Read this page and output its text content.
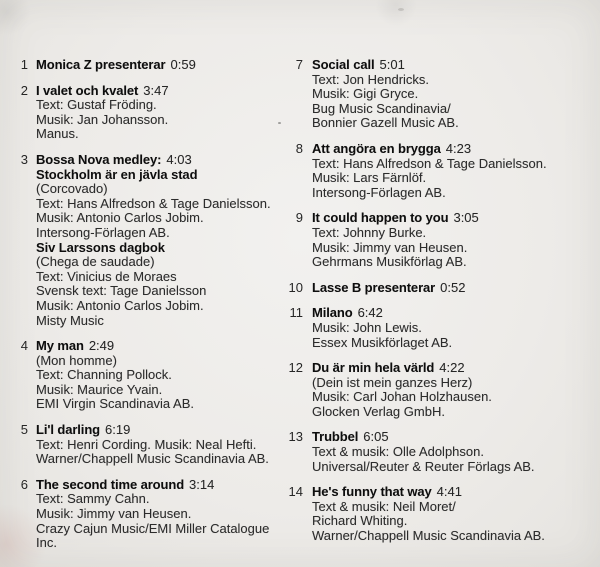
1 Monica Z presenterar 0:59
2 I valet och kvalet 3:47
Text: Gustaf Fröding.
Musik: Jan Johansson.
Manus.
3 Bossa Nova medley: 4:03
Stockholm är en jävla stad
(Corcovado)
Text: Hans Alfredson & Tage Danielsson.
Musik: Antonio Carlos Jobim.
Intersong-Förlagen AB.
Siv Larssons dagbok
(Chega de saudade)
Text: Vinicius de Moraes
Svensk text: Tage Danielsson
Musik: Antonio Carlos Jobim.
Misty Music
4 My man 2:49
(Mon homme)
Text: Channing Pollock.
Musik: Maurice Yvain.
EMI Virgin Scandinavia AB.
5 Li'l darling 6:19
Text: Henri Cording. Musik: Neal Hefti.
Warner/Chappell Music Scandinavia AB.
6 The second time around 3:14
Text: Sammy Cahn.
Musik: Jimmy van Heusen.
Crazy Cajun Music/EMI Miller Catalogue Inc.
7 Social call 5:01
Text: Jon Hendricks.
Musik: Gigi Gryce.
Bug Music Scandinavia/
Bonnier Gazell Music AB.
8 Att angöra en brygga 4:23
Text: Hans Alfredson & Tage Danielsson.
Musik: Lars Färnlöf.
Intersong-Förlagen AB.
9 It could happen to you 3:05
Text: Johnny Burke.
Musik: Jimmy van Heusen.
Gehrmans Musikförlag AB.
10 Lasse B presenterar 0:52
11 Milano 6:42
Musik: John Lewis.
Essex Musikförlaget AB.
12 Du är min hela värld 4:22
(Dein ist mein ganzes Herz)
Musik: Carl Johan Holzhausen.
Glocken Verlag GmbH.
13 Trubbel 6:05
Text & musik: Olle Adolphson.
Universal/Reuter & Reuter Förlags AB.
14 He's funny that way 4:41
Text & musik: Neil Moret/
Richard Whiting.
Warner/Chappell Music Scandinavia AB.
